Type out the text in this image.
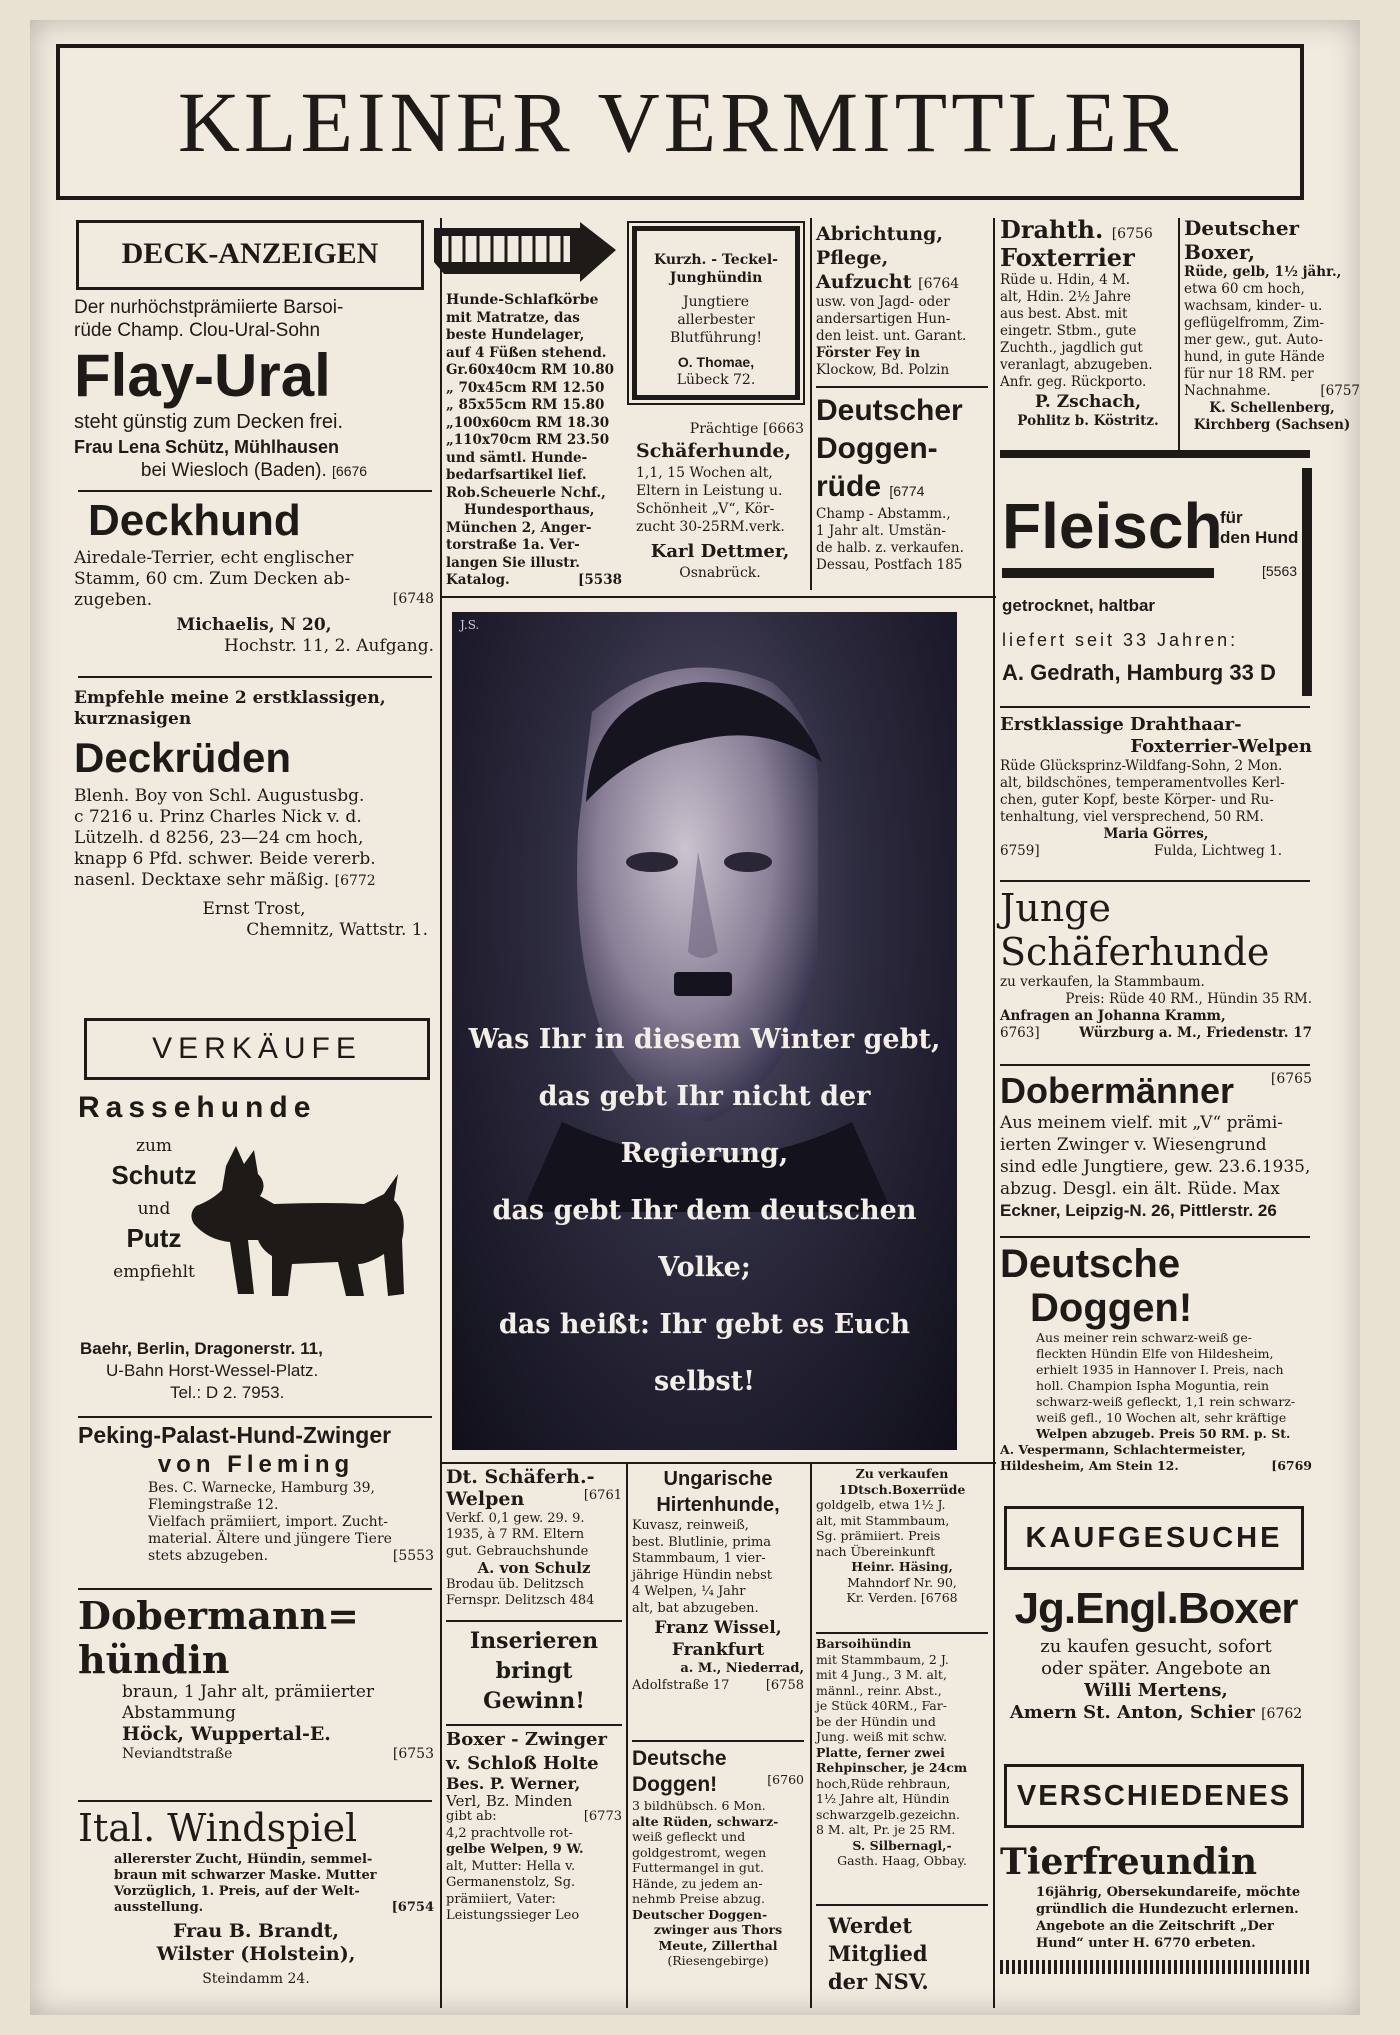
KLEINER VERMITTLER
DECK-ANZEIGEN
Der nurhöchstprämiierte Barsoi-
rüde Champ. Clou-Ural-Sohn
Flay-Ural
steht günstig zum Decken frei.
Frau Lena Schütz, Mühlhausen
bei Wiesloch (Baden). [6676
Deckhund
Airedale-Terrier, echt englischer
Stamm, 60 cm. Zum Decken ab-
zugeben.	[6748
Michaelis, N 20,
Hochstr. 11, 2. Aufgang.
Empfehle meine 2 erstklassigen,
kurznasigen
Deckrüden
Blenh. Boy von Schl. Augustusbg.
c 7216 u. Prinz Charles Nick v. d.
Lützelh. d 8256, 23—24 cm hoch,
knapp 6 Pfd. schwer. Beide vererb.
nasenl. Decktaxe sehr mäßig. [6772
Ernst Trost,
Chemnitz, Wattstr. 1.
VERKÄUFE
Rassehunde
zum
Schutz
und
Putz
empfiehlt
Baehr, Berlin, Dragonerstr. 11,
U-Bahn Horst-Wessel-Platz.
Tel.: D 2. 7953.
Peking-Palast-Hund-Zwinger
von Fleming
Bes. C. Warnecke, Hamburg 39,
Flemingstraße 12.
Vielfach prämiiert, import. Zucht-
material. Ältere und jüngere Tiere
stets abzugeben.	[5553
Dobermann=
hündin
braun, 1 Jahr alt, prämiierter
Abstammung
Höck, Wuppertal-E.
Neviandtstraße	[6753
Ital. Windspiel
allererster Zucht, Hündin, semmel-
braun mit schwarzer Maske. Mutter
Vorzüglich, 1. Preis, auf der Welt-
ausstellung.	[6754
Frau B. Brandt,
Wilster (Holstein),
Steindamm 24.
Hunde-Schlafkörbe
mit Matratze, das
beste Hundelager,
auf 4 Füßen stehend.
Gr.60x40cm RM 10.80
„ 70x45cm RM 12.50
„ 85x55cm RM 15.80
„100x60cm RM 18.30
„110x70cm RM 23.50
und sämtl. Hunde-
bedarfsartikel lief.
Rob.Scheuerle Nchf.,
Hundesporthaus,
München 2, Anger-
torstraße 1a. Ver-
langen Sie illustr.
Katalog.	[5538
Kurzh. - Teckel-
Junghündin
Jungtiere
allerbester
Blutführung!
O. Thomae,
Lübeck 72.
Prächtige [6663
Schäferhunde,
1,1, 15 Wochen alt,
Eltern in Leistung u.
Schönheit „V“, Kör-
zucht 30-25RM.verk.
Karl Dettmer,
Osnabrück.
Abrichtung,
Pflege,
Aufzucht [6764
usw. von Jagd- oder
andersartigen Hun-
den leist. unt. Garant.
Förster Fey in
Klockow, Bd. Polzin
Deutscher
Doggen-
rüde [6774
Champ - Abstamm.,
1 Jahr alt. Umstän-
de halb. z. verkaufen.
Dessau, Postfach 185
Drahth. [6756
Foxterrier
Rüde u. Hdin, 4 M.
alt, Hdin. 2½ Jahre
aus best. Abst. mit
eingetr. Stbm., gute
Zuchth., jagdlich gut
veranlagt, abzugeben.
Anfr. geg. Rückporto.
P. Zschach,
Pohlitz b. Köstritz.
Deutscher
Boxer,
Rüde, gelb, 1½ jähr.,
etwa 60 cm hoch,
wachsam, kinder- u.
geflügelfromm, Zim-
mer gew., gut. Auto-
hund, in gute Hände
für nur 18 RM. per
Nachnahme.	[6757
K. Schellenberg,
Kirchberg (Sachsen)
Fleisch
für
den Hund
[5563
getrocknet, haltbar
liefert seit 33 Jahren:
A. Gedrath, Hamburg 33 D
Erstklassige Drahthaar-
Foxterrier-Welpen
Rüde Glücksprinz-Wildfang-Sohn, 2 Mon.
alt, bildschönes, temperamentvolles Kerl-
chen, guter Kopf, beste Körper- und Ru-
tenhaltung, viel versprechend, 50 RM.
Maria Görres,
6759]	Fulda, Lichtweg 1.
Junge
Schäferhunde
zu verkaufen, la Stammbaum.
Preis: Rüde 40 RM., Hündin 35 RM.
Anfragen an Johanna Kramm,
6763]	Würzburg a. M., Friedenstr. 17
Dobermänner	[6765
Aus meinem vielf. mit „V“ prämi-
ierten Zwinger v. Wiesengrund
sind edle Jungtiere, gew. 23.6.1935,
abzug. Desgl. ein ält. Rüde. Max
Eckner, Leipzig-N. 26, Pittlerstr. 26
Deutsche
Doggen!
Aus meiner rein schwarz-weiß ge-
fleckten Hündin Elfe von Hildesheim,
erhielt 1935 in Hannover I. Preis, nach
holl. Champion Ispha Moguntia, rein
schwarz-weiß gefleckt, 1,1 rein schwarz-
weiß gefl., 10 Wochen alt, sehr kräftige
Welpen abzugeb. Preis 50 RM. p. St.
A. Vespermann, Schlachtermeister,
Hildesheim, Am Stein 12.	[6769
KAUFGESUCHE
Jg.Engl.Boxer
zu kaufen gesucht, sofort
oder später. Angebote an
Willi Mertens,
Amern St. Anton, Schier [6762
VERSCHIEDENES
Tierfreundin
16jährig, Obersekundareife, möchte
gründlich die Hundezucht erlernen.
Angebote an die Zeitschrift „Der
Hund“ unter H. 6770 erbeten.
J.S.
Was Ihr in diesem Winter gebt,
das gebt Ihr nicht der Regierung,
das gebt Ihr dem deutschen Volke;
das heißt: Ihr gebt es Euch selbst!
Dt. Schäferh.-
Welpen	[6761
Verkf. 0,1 gew. 29. 9.
1935, à 7 RM. Eltern
gut. Gebrauchshunde
A. von Schulz
Brodau üb. Delitzsch
Fernspr. Delitzsch 484
Inserieren
bringt
Gewinn!
Boxer - Zwinger
v. Schloß Holte
Bes. P. Werner,
Verl, Bz. Minden
gibt ab:	[6773
4,2 prachtvolle rot-
gelbe Welpen, 9 W.
alt, Mutter: Hella v.
Germanenstolz, Sg.
prämiiert, Vater:
Leistungssieger Leo
Ungarische
Hirtenhunde,
Kuvasz, reinweiß,
best. Blutlinie, prima
Stammbaum, 1 vier-
jährige Hündin nebst
4 Welpen, ¼ Jahr
alt, bat abzugeben.
Franz Wissel,
Frankfurt
a. M., Niederrad,
Adolfstraße 17	[6758
Deutsche
Doggen!	[6760
3 bildhübsch. 6 Mon.
alte Rüden, schwarz-
weiß gefleckt und
goldgestromt, wegen
Futtermangel in gut.
Hände, zu jedem an-
nehmb Preise abzug.
Deutscher Doggen-
zwinger aus Thors
Meute, Zillerthal
(Riesengebirge)
Zu verkaufen
1Dtsch.Boxerrüde
goldgelb, etwa 1½ J.
alt, mit Stammbaum,
Sg. prämiiert. Preis
nach Übereinkunft
Heinr. Häsing,
Mahndorf Nr. 90,
Kr. Verden. [6768
Barsoihündin
mit Stammbaum, 2 J.
mit 4 Jung., 3 M. alt,
männl., reinr. Abst.,
je Stück 40RM., Far-
be der Hündin und
Jung. weiß mit schw.
Platte, ferner zwei
Rehpinscher, je 24cm
hoch,Rüde rehbraun,
1½ Jahre alt, Hündin
schwarzgelb.gezeichn.
8 M. alt, Pr. je 25 RM.
S. Silbernagl,-
Gasth. Haag, Obbay.
Werdet
Mitglied
der NSV.
